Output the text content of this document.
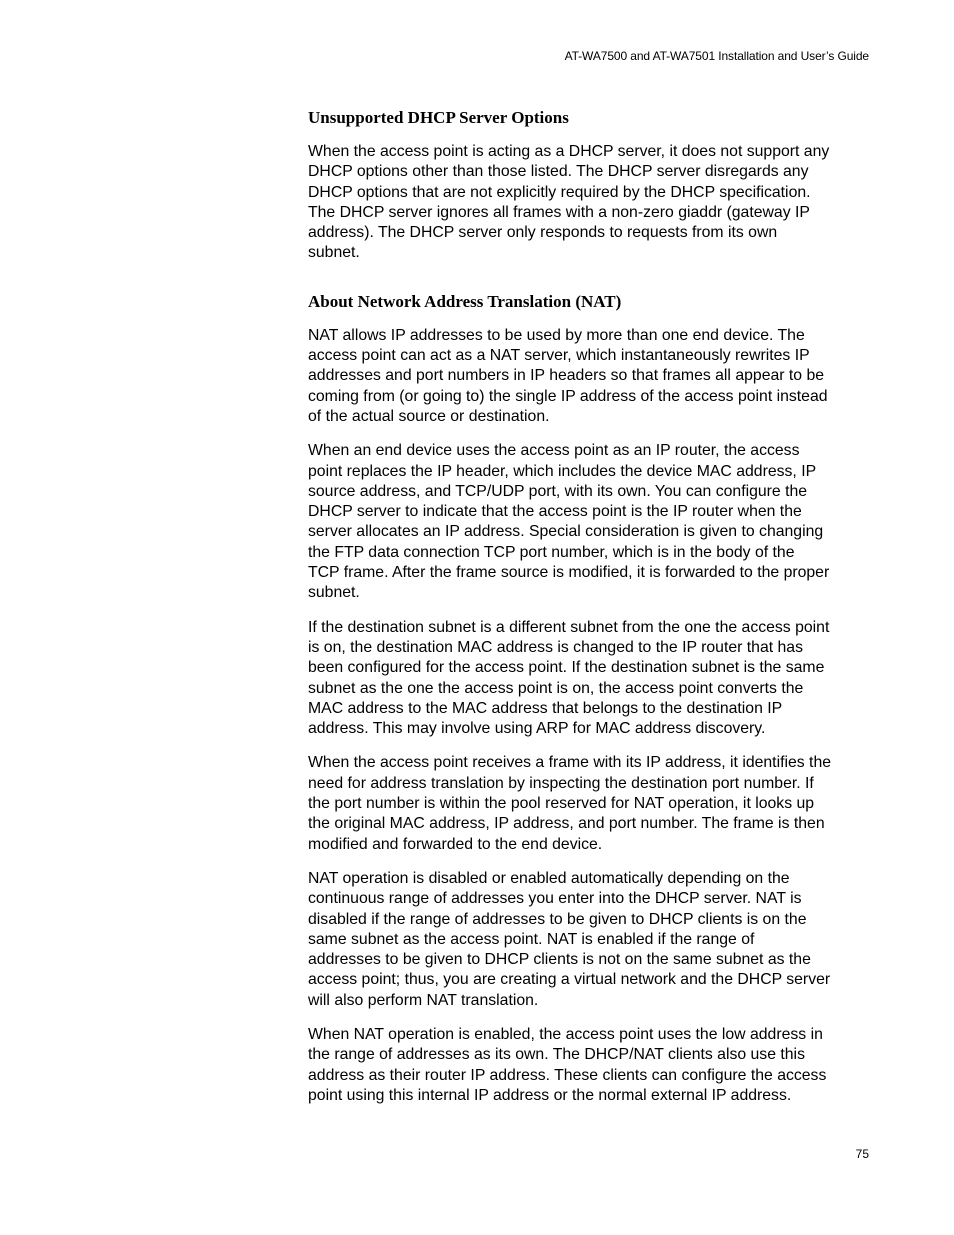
AT-WA7500 and AT-WA7501 Installation and User’s Guide
Unsupported DHCP Server Options
When the access point is acting as a DHCP server, it does not support any
DHCP options other than those listed. The DHCP server disregards any
DHCP options that are not explicitly required by the DHCP specification.
The DHCP server ignores all frames with a non-zero giaddr (gateway IP
address). The DHCP server only responds to requests from its own
subnet.
About Network Address Translation (NAT)
NAT allows IP addresses to be used by more than one end device. The
access point can act as a NAT server, which instantaneously rewrites IP
addresses and port numbers in IP headers so that frames all appear to be
coming from (or going to) the single IP address of the access point instead
of the actual source or destination.
When an end device uses the access point as an IP router, the access
point replaces the IP header, which includes the device MAC address, IP
source address, and TCP/UDP port, with its own. You can configure the
DHCP server to indicate that the access point is the IP router when the
server allocates an IP address. Special consideration is given to changing
the FTP data connection TCP port number, which is in the body of the
TCP frame. After the frame source is modified, it is forwarded to the proper
subnet.
If the destination subnet is a different subnet from the one the access point
is on, the destination MAC address is changed to the IP router that has
been configured for the access point. If the destination subnet is the same
subnet as the one the access point is on, the access point converts the
MAC address to the MAC address that belongs to the destination IP
address. This may involve using ARP for MAC address discovery.
When the access point receives a frame with its IP address, it identifies the
need for address translation by inspecting the destination port number. If
the port number is within the pool reserved for NAT operation, it looks up
the original MAC address, IP address, and port number. The frame is then
modified and forwarded to the end device.
NAT operation is disabled or enabled automatically depending on the
continuous range of addresses you enter into the DHCP server. NAT is
disabled if the range of addresses to be given to DHCP clients is on the
same subnet as the access point. NAT is enabled if the range of
addresses to be given to DHCP clients is not on the same subnet as the
access point; thus, you are creating a virtual network and the DHCP server
will also perform NAT translation.
When NAT operation is enabled, the access point uses the low address in
the range of addresses as its own. The DHCP/NAT clients also use this
address as their router IP address. These clients can configure the access
point using this internal IP address or the normal external IP address.
75
